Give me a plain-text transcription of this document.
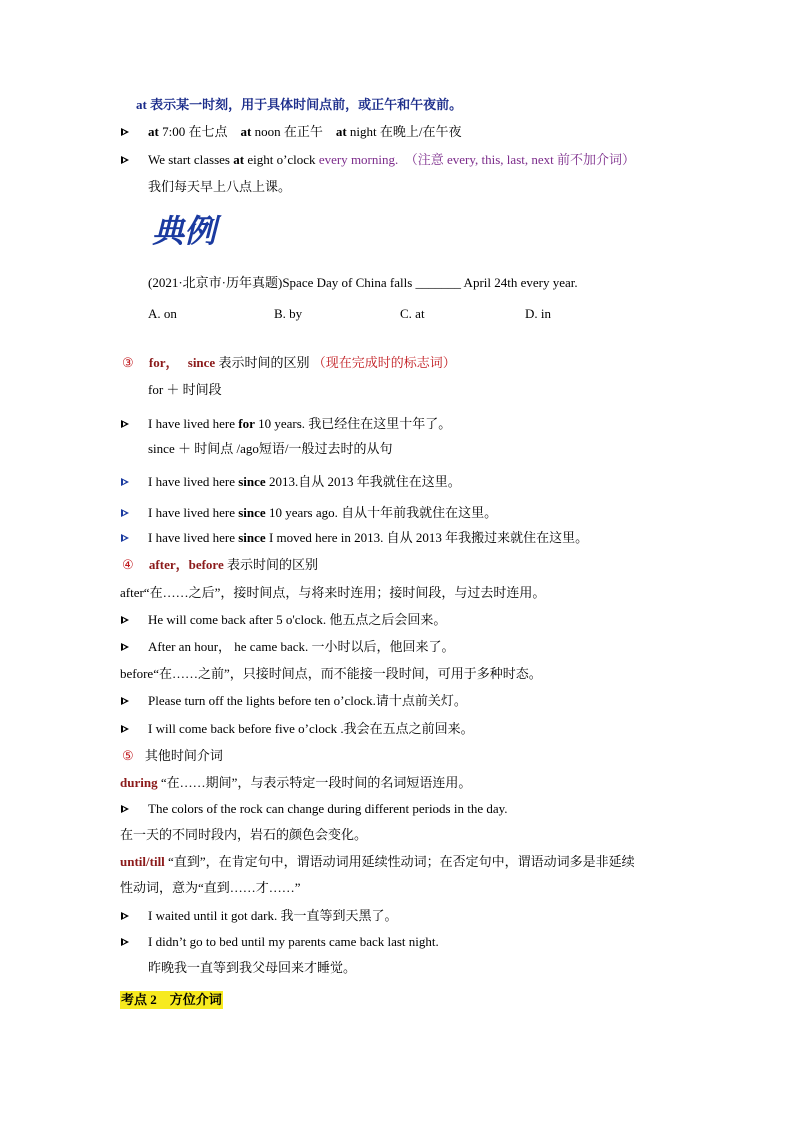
at 表示某一时刻，用于具体时间点前，或正午和午夜前。
at 7:00 在七点　at noon 在正午　at night 在晚上/在午夜
We start classes at eight o’clock every morning.　（注意 every, this, last, next 前不加介词）
我们每天早上八点上课。
典例
(2021·北京市·历年真题)Space Day of China falls _______ April 24th every year.
A. on	B. by	C. at	D. in
③ for， since 表示时间的区别 （现在完成时的标志词）
for ＋ 时间段
I have lived here for 10 years. 我已经住在这里十年了。
since ＋ 时间点 /ago短语/一般过去时的从句
I have lived here since 2013.自从 2013 年我就住在这里。
I have lived here since 10 years ago. 自从十年前我就住在这里。
I have lived here since I moved here in 2013. 自从 2013 年我搬过来就住在这里。
④ after，before 表示时间的区别
after“在……之后”，接时间点，与将来时连用；接时间段，与过去时连用。
He will come back after 5 o'clock. 他五点之后会回来。
After an hour， he came back. 一小时以后，他回来了。
before“在……之前”，只接时间点，而不能接一段时间，可用于多种时态。
Please turn off the lights before ten o’clock.请十点前关灯。
I will come back before five o’clock .我会在五点之前回来。
⑤ 其他时间介词
during “在……期间”，与表示特定一段时间的名词短语连用。
The colors of the rock can change during different periods in the day.
在一天的不同时段内，岩石的颜色会变化。
until/till “直到”，在肯定句中，谓语动词用延续性动词；在否定句中，谓语动词多是非延续
性动词，意为“直到……才……”
I waited until it got dark. 我一直等到天黑了。
I didn’t go to bed until my parents came back last night.
昨晚我一直等到我父母回来才睡觉。
考点 2　方位介词
